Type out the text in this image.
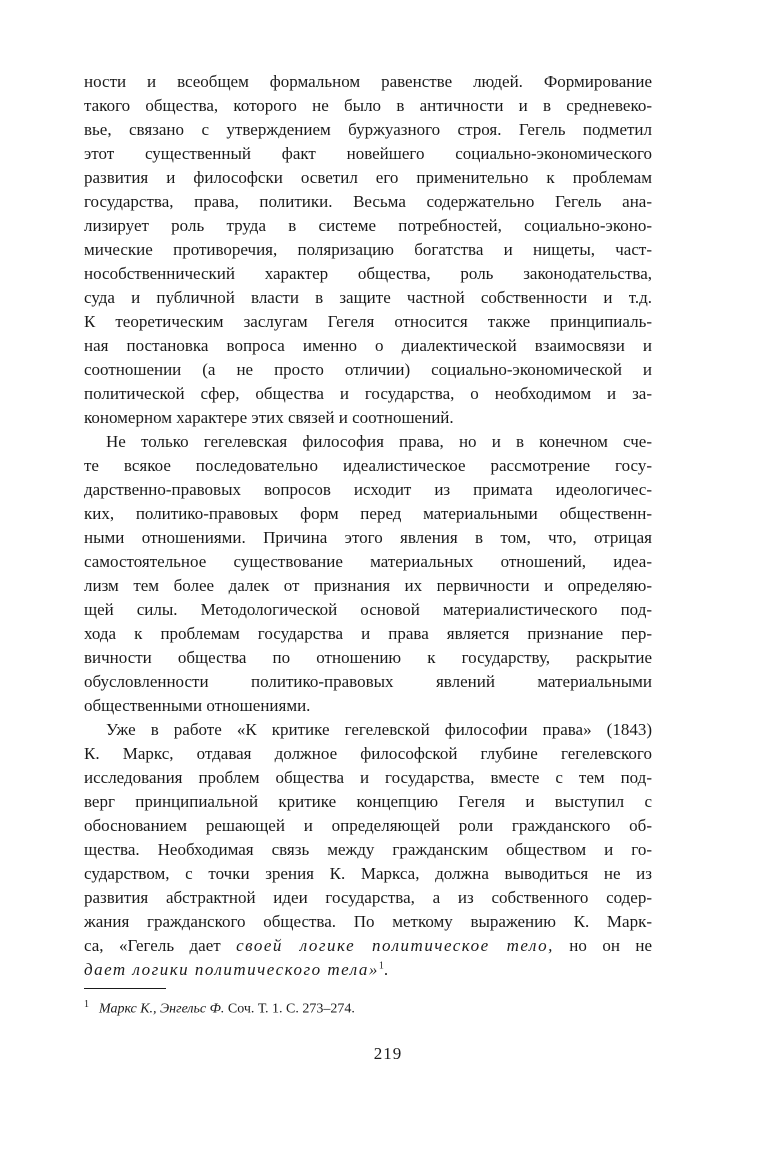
ности и всеобщем формальном равенстве людей. Формирование
такого общества, которого не было в античности и в средневеко-
вье, связано с утверждением буржуазного строя. Гегель подметил
этот существенный факт новейшего социально-экономического
развития и философски осветил его применительно к проблемам
государства, права, политики. Весьма содержательно Гегель ана-
лизирует роль труда в системе потребностей, социально-эконо-
мические противоречия, поляризацию богатства и нищеты, част-
нособственнический характер общества, роль законодательства,
суда и публичной власти в защите частной собственности и т.д.
К теоретическим заслугам Гегеля относится также принципиаль-
ная постановка вопроса именно о диалектической взаимосвязи и
соотношении (а не просто отличии) социально-экономической и
политической сфер, общества и государства, о необходимом и за-
кономерном характере этих связей и соотношений.
Не только гегелевская философия права, но и в конечном сче-
те всякое последовательно идеалистическое рассмотрение госу-
дарственно-правовых вопросов исходит из примата идеологичес-
ких, политико-правовых форм перед материальными общественн-
ными отношениями. Причина этого явления в том, что, отрицая
самостоятельное существование материальных отношений, идеа-
лизм тем более далек от признания их первичности и определяю-
щей силы. Методологической основой материалистического под-
хода к проблемам государства и права является признание пер-
вичности общества по отношению к государству, раскрытие
обусловленности политико-правовых явлений материальными
общественными отношениями.
Уже в работе «К критике гегелевской философии права» (1843)
К. Маркс, отдавая должное философской глубине гегелевского
исследования проблем общества и государства, вместе с тем под-
верг принципиальной критике концепцию Гегеля и выступил с
обоснованием решающей и определяющей роли гражданского об-
щества. Необходимая связь между гражданским обществом и го-
сударством, с точки зрения К. Маркса, должна выводиться не из
развития абстрактной идеи государства, а из собственного содер-
жания гражданского общества. По меткому выражению К. Марк-
са, «Гегель дает своей логике политическое тело, но он не
дает логики политического тела»$^1$.
$^1$ Маркс К., Энгельс Ф. Соч. Т. 1. С. 273–274.
219
